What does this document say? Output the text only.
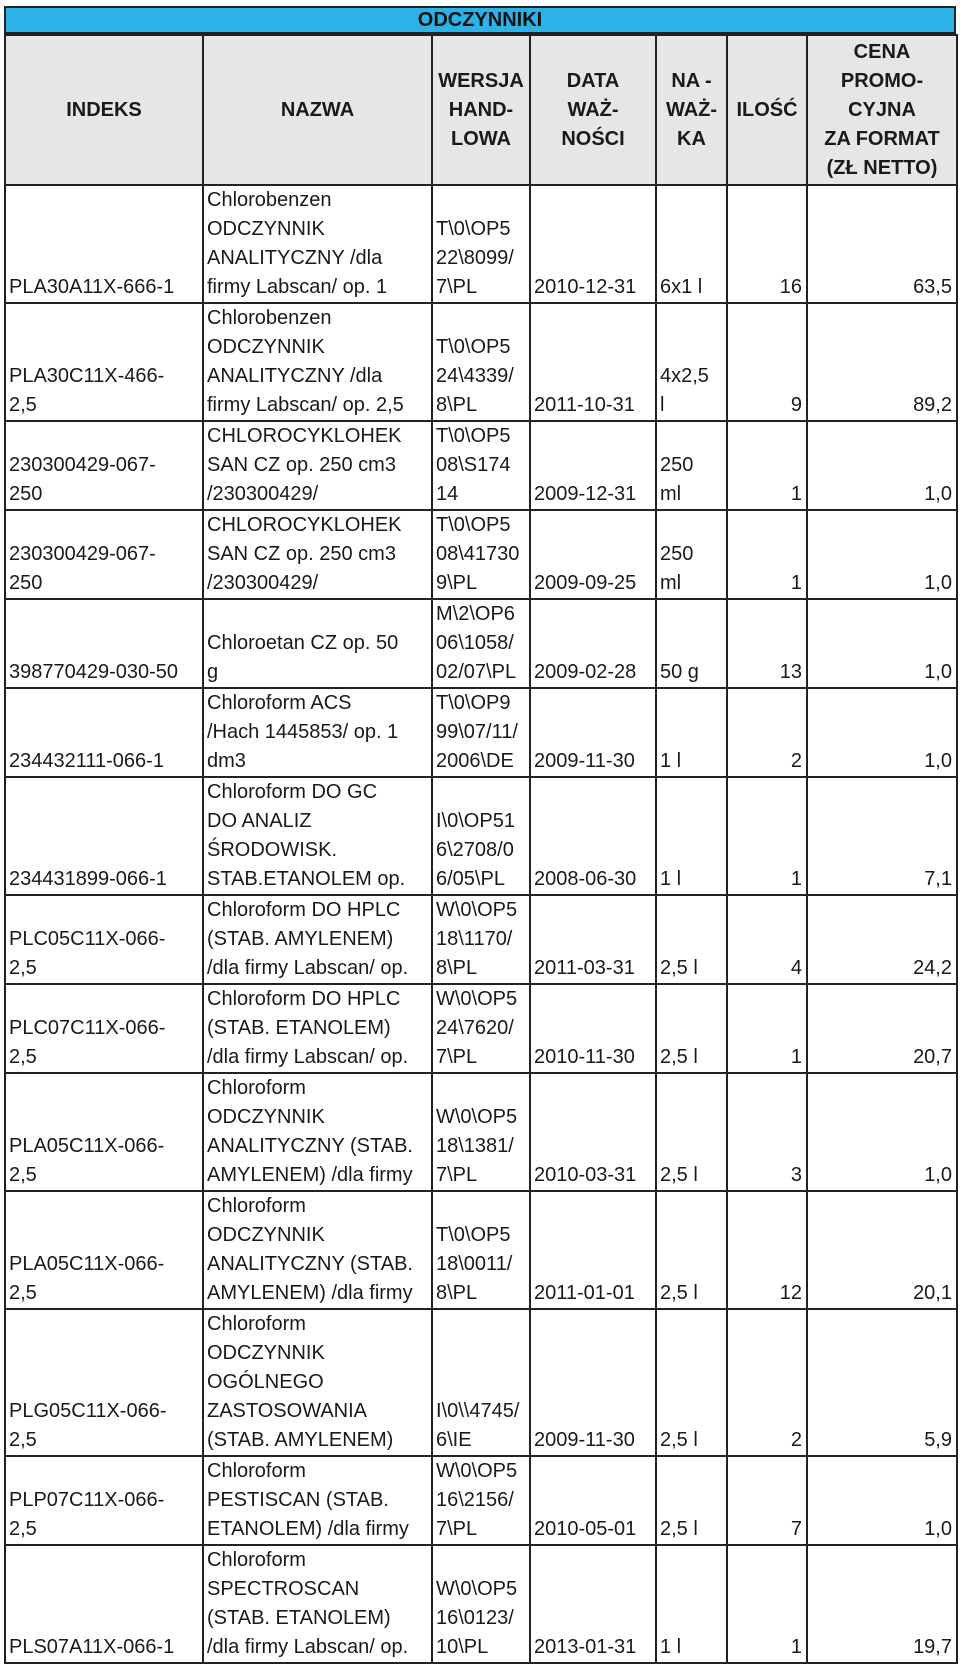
ODCZYNNIKI
INDEKS	NAZWA	WERSJA
HAND-
LOWA	DATA
WAŻ-
NOŚCI	NA -
WAŻ-
KA	ILOŚĆ	CENA
PROMO-
CYJNA
ZA FORMAT
(ZŁ NETTO)

PLA30A11X-666-1	Chlorobenzen
ODCZYNNIK
ANALITYCZNY /dla
firmy Labscan/ op. 1	T\0\OP5
22\8099/
7\PL	2010-12-31	6x1 l	16	63,5
PLA30C11X-466-
2,5	Chlorobenzen
ODCZYNNIK
ANALITYCZNY /dla
firmy Labscan/ op. 2,5	T\0\OP5
24\4339/
8\PL	2011-10-31	4x2,5
l	9	89,2
230300429-067-
250	CHLOROCYKLOHEK
SAN CZ op. 250 cm3
/230300429/	T\0\OP5
08\S174
14	2009-12-31	250
ml	1	1,0
230300429-067-
250	CHLOROCYKLOHEK
SAN CZ op. 250 cm3
/230300429/	T\0\OP5
08\41730
9\PL	2009-09-25	250
ml	1	1,0
398770429-030-50	Chloroetan CZ op. 50
g	M\2\OP6
06\1058/
02/07\PL	2009-02-28	50 g	13	1,0
234432111-066-1	Chloroform ACS
/Hach 1445853/ op. 1
dm3	T\0\OP9
99\07/11/
2006\DE	2009-11-30	1 l	2	1,0
234431899-066-1	Chloroform DO GC
DO ANALIZ
ŚRODOWISK.
STAB.ETANOLEM op.	I\0\OP51
6\2708/0
6/05\PL	2008-06-30	1 l	1	7,1
PLC05C11X-066-
2,5	Chloroform DO HPLC
(STAB. AMYLENEM)
/dla firmy Labscan/ op.	W\0\OP5
18\1170/
8\PL	2011-03-31	2,5 l	4	24,2
PLC07C11X-066-
2,5	Chloroform DO HPLC
(STAB. ETANOLEM)
/dla firmy Labscan/ op.	W\0\OP5
24\7620/
7\PL	2010-11-30	2,5 l	1	20,7
PLA05C11X-066-
2,5	Chloroform
ODCZYNNIK
ANALITYCZNY (STAB.
AMYLENEM) /dla firmy	W\0\OP5
18\1381/
7\PL	2010-03-31	2,5 l	3	1,0
PLA05C11X-066-
2,5	Chloroform
ODCZYNNIK
ANALITYCZNY (STAB.
AMYLENEM) /dla firmy	T\0\OP5
18\0011/
8\PL	2011-01-01	2,5 l	12	20,1
PLG05C11X-066-
2,5	Chloroform
ODCZYNNIK
OGÓLNEGO
ZASTOSOWANIA
(STAB. AMYLENEM)	I\0\\4745/
6\IE	2009-11-30	2,5 l	2	5,9
PLP07C11X-066-
2,5	Chloroform
PESTISCAN (STAB.
ETANOLEM) /dla firmy	W\0\OP5
16\2156/
7\PL	2010-05-01	2,5 l	7	1,0
PLS07A11X-066-1	Chloroform
SPECTROSCAN
(STAB. ETANOLEM)
/dla firmy Labscan/ op.	W\0\OP5
16\0123/
10\PL	2013-01-31	1 l	1	19,7
